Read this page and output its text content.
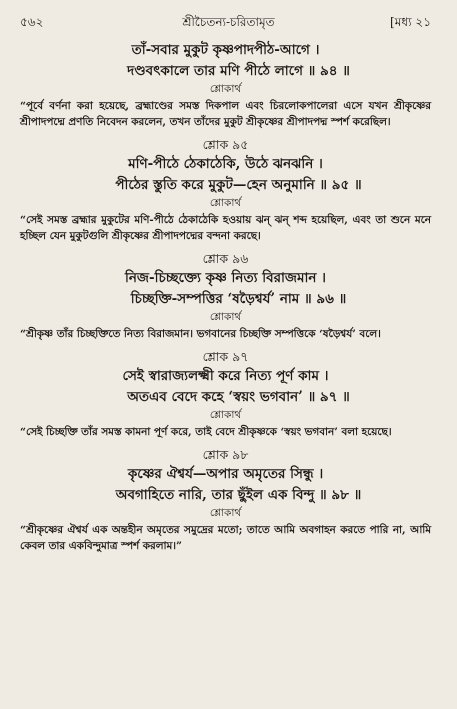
৫৬২	[মধ্য ২১
শ্রীচৈতন্য-চরিতামৃত

তাঁ-সবার মুকুট কৃষ্ণপাদপীঠ-আগে ।

দণ্ডবৎকালে তার মণি পীঠে লাগে ॥ ৯৪ ॥

শ্লোকার্থ

“পূর্বে বর্ণনা করা হয়েছে, ব্রহ্মাণ্ডের সমস্ত দিকপাল এবং চিরলোকপালেরা এসে যখন শ্রীকৃষ্ণের শ্রীপাদপদ্মে প্রণতি নিবেদন করলেন, তখন তাঁদের মুকুট শ্রীকৃষ্ণের শ্রীপাদপদ্ম স্পর্শ করেছিল।

শ্লোক ৯৫

মণি-পীঠে ঠেকাঠেকি, উঠে ঝনঝনি ।

পীঠের স্তুতি করে মুকুট—হেন অনুমানি ॥ ৯৫ ॥

শ্লোকার্থ

“সেই সমস্ত ব্রহ্মার মুকুটের মণি-পীঠে ঠেকাঠেকি হওয়ায় ঝন্ ঝন্ শব্দ হয়েছিল, এবং তা শুনে মনে হচ্ছিল যেন মুকুটগুলি শ্রীকৃষ্ণের শ্রীপাদপদ্মের বন্দনা করছে।

শ্লোক ৯৬

নিজ-চিচ্ছক্ত্যে কৃষ্ণ নিত্য বিরাজমান ।

চিচ্ছক্তি-সম্পত্তির ‘ষড়ৈশ্বর্য’ নাম ॥ ৯৬ ॥

শ্লোকার্থ

“শ্রীকৃষ্ণ তাঁর চিচ্ছক্তিতে নিত্য বিরাজমান। ভগবানের চিচ্ছক্তি সম্পত্তিকে ‘ষড়ৈশ্বর্য’ বলে।

শ্লোক ৯৭

সেই স্বারাজ্যলক্ষ্মী করে নিত্য পূর্ণ কাম ।

অতএব বেদে কহে ‘স্বয়ং ভগবান’ ॥ ৯৭ ॥

শ্লোকার্থ

“সেই চিচ্ছক্তি তাঁর সমস্ত কামনা পূর্ণ করে, তাই বেদে শ্রীকৃষ্ণকে ‘স্বয়ং ভগবান’ বলা হয়েছে।

শ্লোক ৯৮

কৃষ্ণের ঐশ্বর্য—অপার অমৃতের সিন্ধু ।

অবগাহিতে নারি, তার ছুঁইল এক বিন্দু ॥ ৯৮ ॥

শ্লোকার্থ

“শ্রীকৃষ্ণের ঐশ্বর্য এক অন্তহীন অমৃতের সমুদ্রের মতো; তাতে আমি অবগাহন করতে পারি না, আমি কেবল তার একবিন্দুমাত্র স্পর্শ করলাম।”
